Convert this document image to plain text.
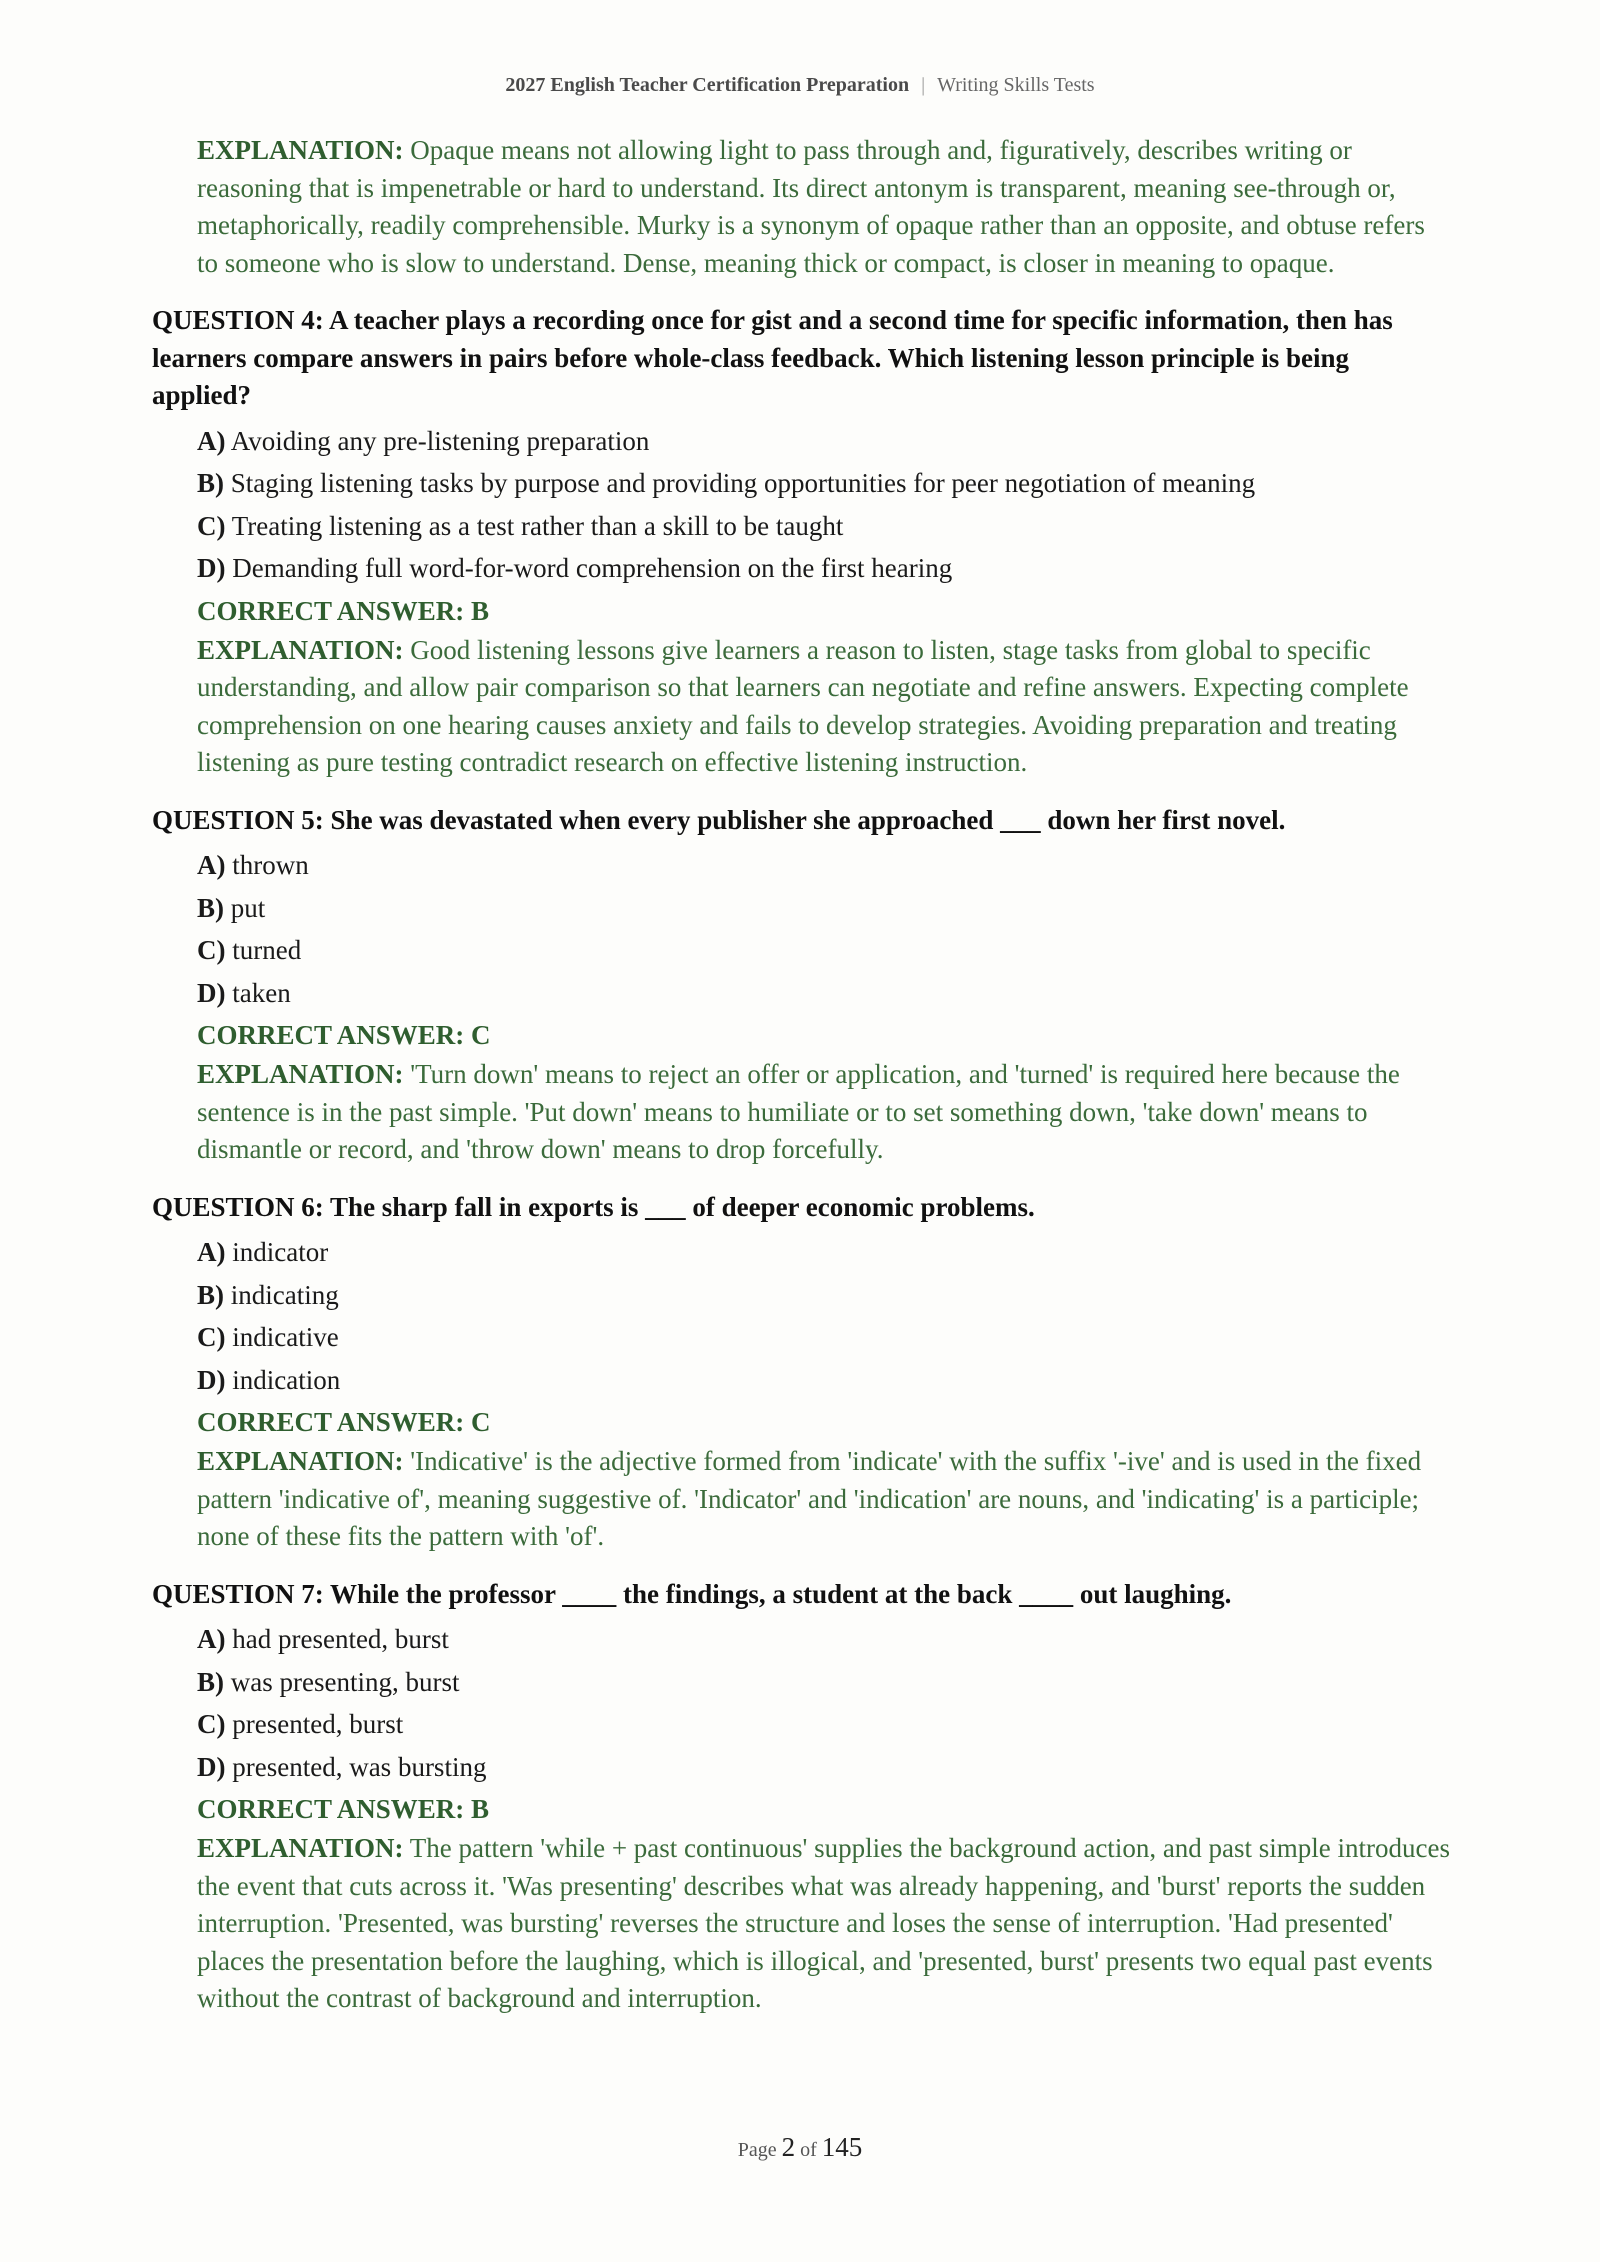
2027 English Teacher Certification Preparation | Writing Skills Tests
EXPLANATION: Opaque means not allowing light to pass through and, figuratively, describes writing or reasoning that is impenetrable or hard to understand. Its direct antonym is transparent, meaning see-through or, metaphorically, readily comprehensible. Murky is a synonym of opaque rather than an opposite, and obtuse refers to someone who is slow to understand. Dense, meaning thick or compact, is closer in meaning to opaque.
QUESTION 4: A teacher plays a recording once for gist and a second time for specific information, then has learners compare answers in pairs before whole-class feedback. Which listening lesson principle is being applied?
A) Avoiding any pre-listening preparation
B) Staging listening tasks by purpose and providing opportunities for peer negotiation of meaning
C) Treating listening as a test rather than a skill to be taught
D) Demanding full word-for-word comprehension on the first hearing
CORRECT ANSWER: B
EXPLANATION: Good listening lessons give learners a reason to listen, stage tasks from global to specific understanding, and allow pair comparison so that learners can negotiate and refine answers. Expecting complete comprehension on one hearing causes anxiety and fails to develop strategies. Avoiding preparation and treating listening as pure testing contradict research on effective listening instruction.
QUESTION 5: She was devastated when every publisher she approached ___ down her first novel.
A) thrown
B) put
C) turned
D) taken
CORRECT ANSWER: C
EXPLANATION: 'Turn down' means to reject an offer or application, and 'turned' is required here because the sentence is in the past simple. 'Put down' means to humiliate or to set something down, 'take down' means to dismantle or record, and 'throw down' means to drop forcefully.
QUESTION 6: The sharp fall in exports is ___ of deeper economic problems.
A) indicator
B) indicating
C) indicative
D) indication
CORRECT ANSWER: C
EXPLANATION: 'Indicative' is the adjective formed from 'indicate' with the suffix '-ive' and is used in the fixed pattern 'indicative of', meaning suggestive of. 'Indicator' and 'indication' are nouns, and 'indicating' is a participle; none of these fits the pattern with 'of'.
QUESTION 7: While the professor ____ the findings, a student at the back ____ out laughing.
A) had presented, burst
B) was presenting, burst
C) presented, burst
D) presented, was bursting
CORRECT ANSWER: B
EXPLANATION: The pattern 'while + past continuous' supplies the background action, and past simple introduces the event that cuts across it. 'Was presenting' describes what was already happening, and 'burst' reports the sudden interruption. 'Presented, was bursting' reverses the structure and loses the sense of interruption. 'Had presented' places the presentation before the laughing, which is illogical, and 'presented, burst' presents two equal past events without the contrast of background and interruption.
Page 2 of 145
